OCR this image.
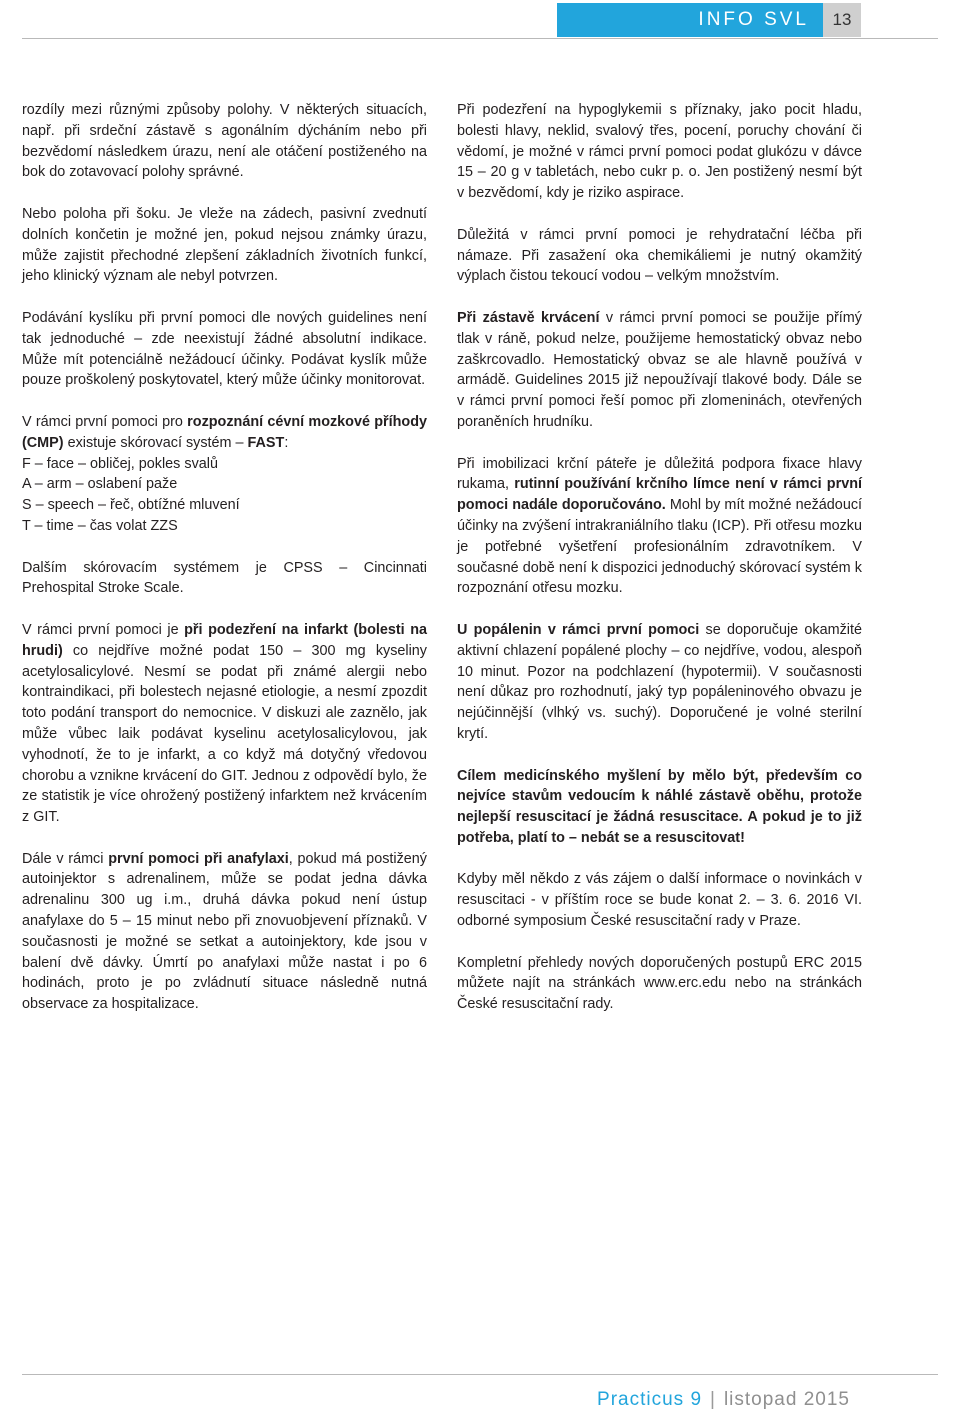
INFO SVL	13

rozdíly mezi různými způsoby polohy. V některých situacích, např. při srdeční zástavě s agonálním dýcháním nebo při bezvědomí následkem úrazu, není ale otáčení postiženého na bok do zotavovací polohy správné.

Nebo poloha při šoku. Je vleže na zádech, pasivní zvednutí dolních končetin je možné jen, pokud nejsou známky úrazu, může zajistit přechodné zlepšení základních životních funkcí, jeho klinický význam ale nebyl potvrzen.

Podávání kyslíku při první pomoci dle nových guidelines není tak jednoduché – zde neexistují žádné absolutní indikace. Může mít potenciálně nežádoucí účinky. Podávat kyslík může pouze proškolený poskytovatel, který může účinky monitorovat.

V rámci první pomoci pro rozpoznání cévní mozkové příhody (CMP) existuje skórovací systém – FAST:
F – face – obličej, pokles svalů
A – arm – oslabení paže
S – speech – řeč, obtížné mluvení
T – time – čas volat ZZS

Dalším skórovacím systémem je CPSS – Cincinnati Prehospital Stroke Scale.

V rámci první pomoci je při podezření na infarkt (bolesti na hrudi) co nejdříve možné podat 150 – 300 mg kyseliny acetylosalicylové. Nesmí se podat při známé alergii nebo kontraindikaci, při bolestech nejasné etiologie, a nesmí zpozdit toto podání transport do nemocnice. V diskuzi ale zaznělo, jak může vůbec laik podávat kyselinu acetylosalicylovou, jak vyhodnotí, že to je infarkt, a co když má dotyčný vředovou chorobu a vznikne krvácení do GIT. Jednou z odpovědí bylo, že ze statistik je více ohrožený postižený infarktem než krvácením z GIT.

Dále v rámci první pomoci při anafylaxi, pokud má postižený autoinjektor s adrenalinem, může se podat jedna dávka adrenalinu 300 ug i.m., druhá dávka pokud není ústup anafylaxe do 5 – 15 minut nebo při znovuobjevení příznaků. V současnosti je možné se setkat a autoinjektory, kde jsou v balení dvě dávky. Úmrtí po anafylaxi může nastat i po 6 hodinách, proto je po zvládnutí situace následně nutná observace za hospitalizace.

Při podezření na hypoglykemii s příznaky, jako pocit hladu, bolesti hlavy, neklid, svalový třes, pocení, poruchy chování či vědomí, je možné v rámci první pomoci podat glukózu v dávce 15 – 20 g v tabletách, nebo cukr p. o. Jen postižený nesmí být v bezvědomí, kdy je riziko aspirace.

Důležitá v rámci první pomoci je rehydratační léčba při námaze. Při zasažení oka chemikáliemi je nutný okamžitý výplach čistou tekoucí vodou – velkým množstvím.

Při zástavě krvácení v rámci první pomoci se použije přímý tlak v ráně, pokud nelze, použijeme hemostatický obvaz nebo zaškrcovadlo. Hemostatický obvaz se ale hlavně používá v armádě. Guidelines 2015 již nepoužívají tlakové body. Dále se v rámci první pomoci řeší pomoc při zlomeninách, otevřených poraněních hrudníku.

Při imobilizaci krční páteře je důležitá podpora fixace hlavy rukama, rutinní používání krčního límce není v rámci první pomoci nadále doporučováno. Mohl by mít možné nežádoucí účinky na zvýšení intrakraniálního tlaku (ICP). Při otřesu mozku je potřebné vyšetření profesionálním zdravotníkem. V současné době není k dispozici jednoduchý skórovací systém k rozpoznání otřesu mozku.

U popálenin v rámci první pomoci se doporučuje okamžité aktivní chlazení popálené plochy – co nejdříve, vodou, alespoň 10 minut. Pozor na podchlazení (hypotermii). V současnosti není důkaz pro rozhodnutí, jaký typ popáleninového obvazu je nejúčinnější (vlhký vs. suchý). Doporučené je volné sterilní krytí.

Cílem medicínského myšlení by mělo být, především co nejvíce stavům vedoucím k náhlé zástavě oběhu, protože nejlepší resuscitací je žádná resuscitace. A pokud je to již potřeba, platí to – nebát se a resuscitovat!

Kdyby měl někdo z vás zájem o další informace o novinkách v resuscitaci - v příštím roce se bude konat 2. – 3. 6. 2016 VI. odborné symposium České resuscitační rady v Praze.

Kompletní přehledy nových doporučených postupů ERC 2015 můžete najít na stránkách www.erc.edu nebo na stránkách České resuscitační rady.

Practicus 9 | listopad 2015
